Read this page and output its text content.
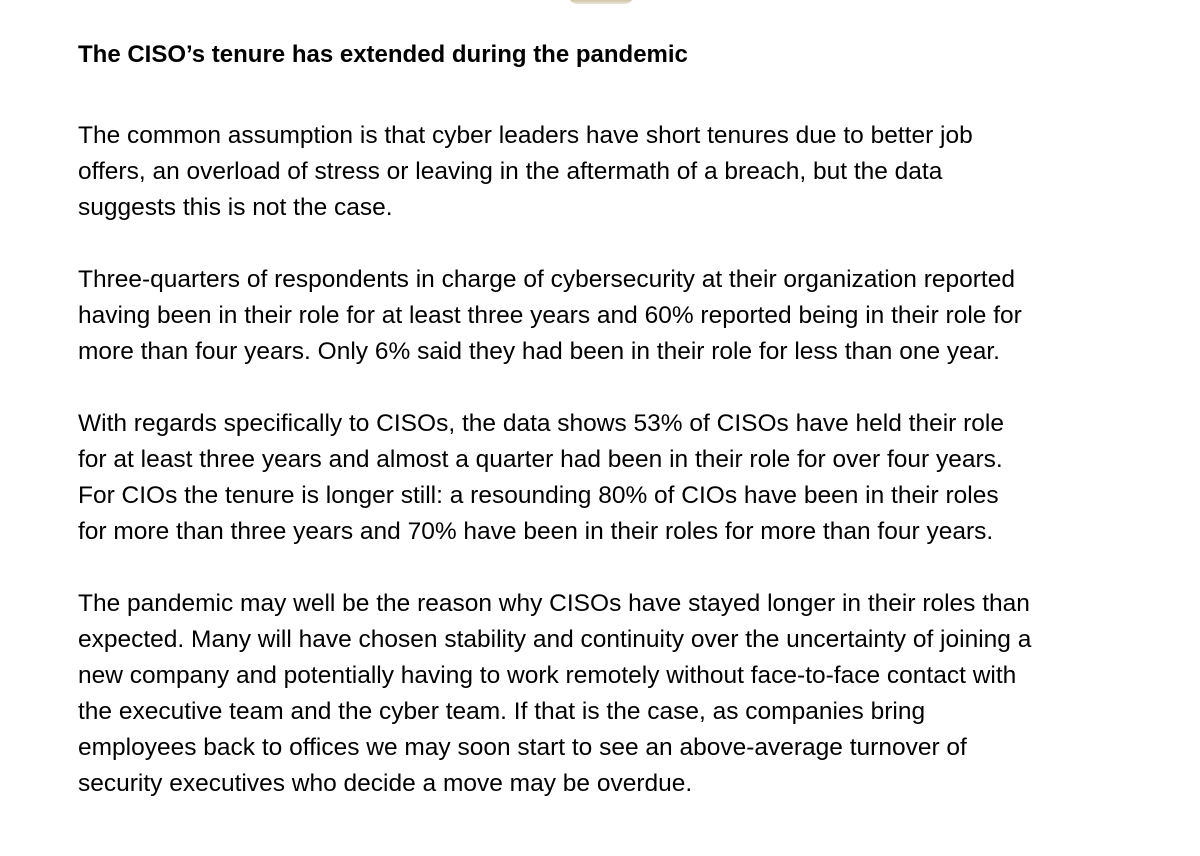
The CISO’s tenure has extended during the pandemic

The common assumption is that cyber leaders have short tenures due to better job
offers, an overload of stress or leaving in the aftermath of a breach, but the data
suggests this is not the case.

Three-quarters of respondents in charge of cybersecurity at their organization reported
having been in their role for at least three years and 60% reported being in their role for
more than four years. Only 6% said they had been in their role for less than one year.

With regards specifically to CISOs, the data shows 53% of CISOs have held their role
for at least three years and almost a quarter had been in their role for over four years.
For CIOs the tenure is longer still: a resounding 80% of CIOs have been in their roles
for more than three years and 70% have been in their roles for more than four years.

The pandemic may well be the reason why CISOs have stayed longer in their roles than
expected. Many will have chosen stability and continuity over the uncertainty of joining a
new company and potentially having to work remotely without face-to-face contact with
the executive team and the cyber team. If that is the case, as companies bring
employees back to offices we may soon start to see an above-average turnover of
security executives who decide a move may be overdue.
